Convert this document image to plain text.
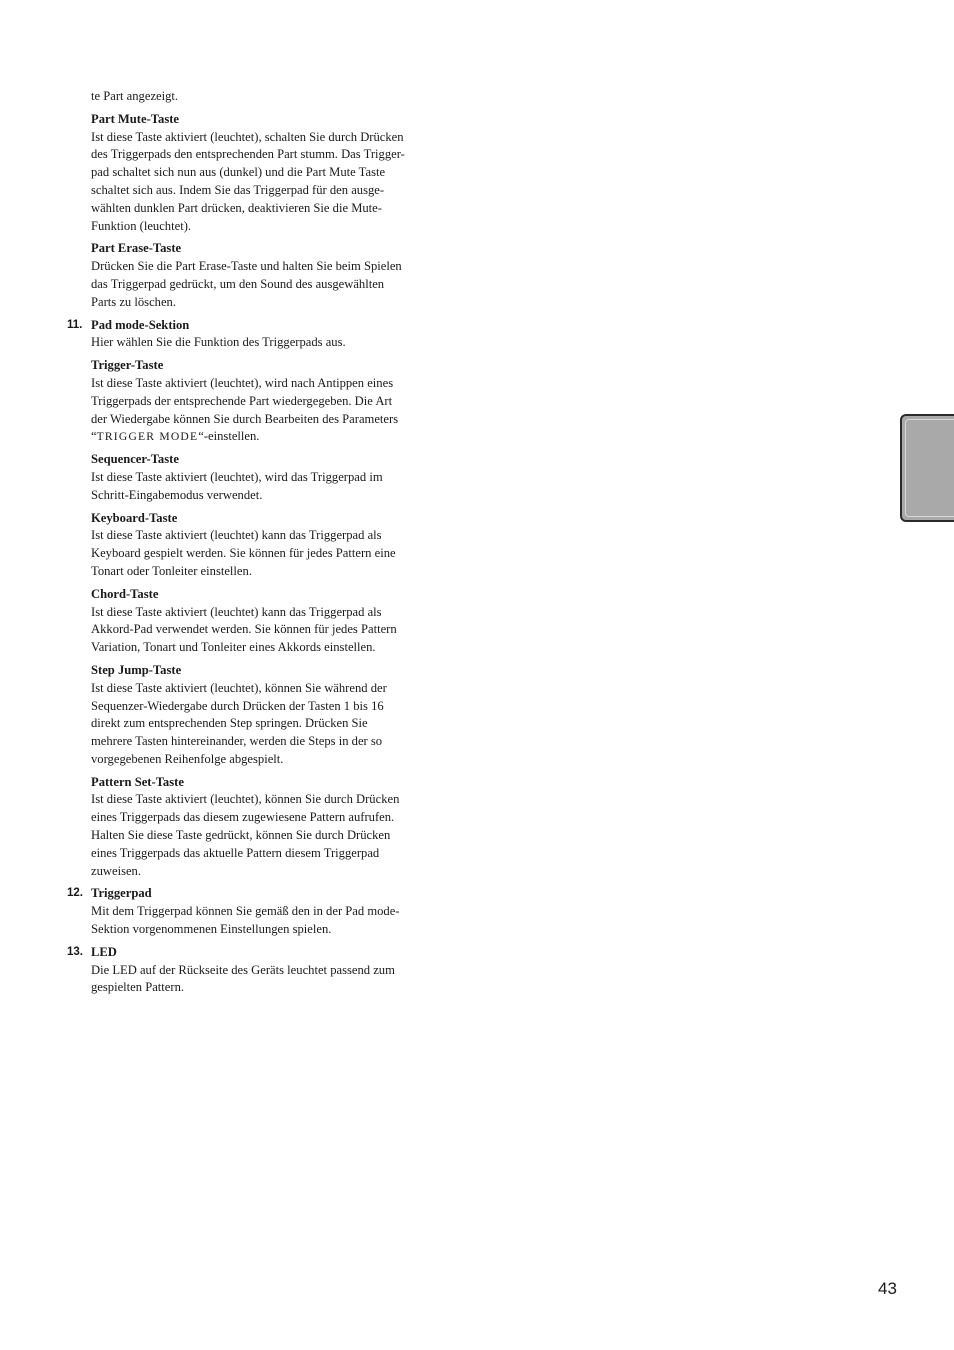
te Part angezeigt.

Part Mute-Taste

Ist diese Taste aktiviert (leuchtet), schalten Sie durch Drücken

des Triggerpads den entsprechenden Part stumm. Das Trigger-

pad schaltet sich nun aus (dunkel) und die Part Mute Taste

schaltet sich aus. Indem Sie das Triggerpad für den ausge-

wählten dunklen Part drücken, deaktivieren Sie die Mute-

Funktion (leuchtet).

Part Erase-Taste

Drücken Sie die Part Erase-Taste und halten Sie beim Spielen

das Triggerpad gedrückt, um den Sound des ausgewählten

Parts zu löschen.

11. Pad mode-Sektion

Hier wählen Sie die Funktion des Triggerpads aus.

Trigger-Taste

Ist diese Taste aktiviert (leuchtet), wird nach Antippen eines

Triggerpads der entsprechende Part wiedergegeben. Die Art

der Wiedergabe können Sie durch Bearbeiten des Parameters

“TRIGGER MODE“-einstellen.

Sequencer-Taste

Ist diese Taste aktiviert (leuchtet), wird das Triggerpad im

Schritt-Eingabemodus verwendet.

Keyboard-Taste

Ist diese Taste aktiviert (leuchtet) kann das Triggerpad als

Keyboard gespielt werden. Sie können für jedes Pattern eine

Tonart oder Tonleiter einstellen.

Chord-Taste

Ist diese Taste aktiviert (leuchtet) kann das Triggerpad als

Akkord-Pad verwendet werden. Sie können für jedes Pattern

Variation, Tonart und Tonleiter eines Akkords einstellen.

Step Jump-Taste

Ist diese Taste aktiviert (leuchtet), können Sie während der

Sequenzer-Wiedergabe durch Drücken der Tasten 1 bis 16

direkt zum entsprechenden Step springen. Drücken Sie

mehrere Tasten hintereinander, werden die Steps in der so

vorgegebenen Reihenfolge abgespielt.

Pattern Set-Taste

Ist diese Taste aktiviert (leuchtet), können Sie durch Drücken

eines Triggerpads das diesem zugewiesene Pattern aufrufen.

Halten Sie diese Taste gedrückt, können Sie durch Drücken

eines Triggerpads das aktuelle Pattern diesem Triggerpad

zuweisen.

12. Triggerpad

Mit dem Triggerpad können Sie gemäß den in der Pad mode-

Sektion vorgenommenen Einstellungen spielen.

13. LED

Die LED auf der Rückseite des Geräts leuchtet passend zum

gespielten Pattern.

43
